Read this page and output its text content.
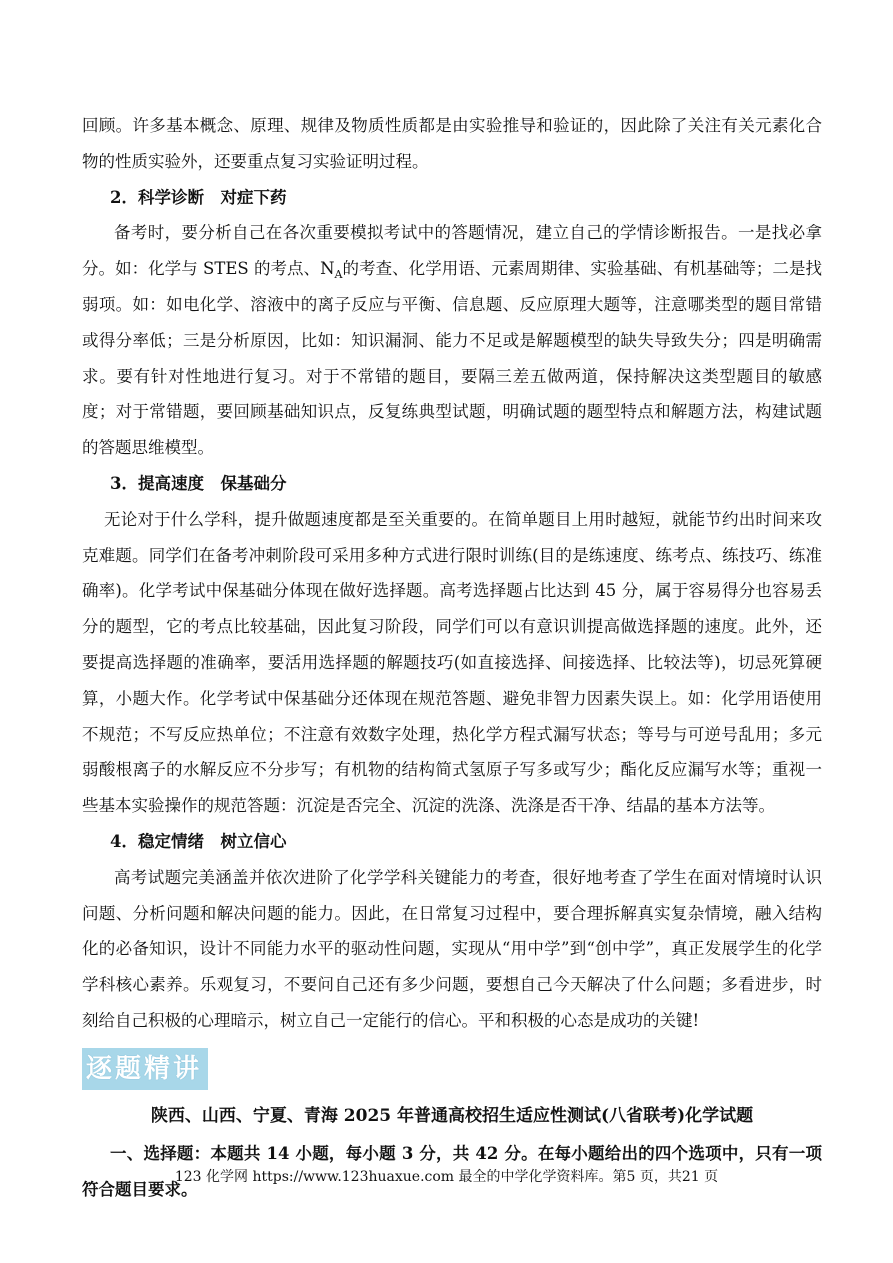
回顾。许多基本概念、原理、规律及物质性质都是由实验推导和验证的，因此除了关注有关元素化合物的性质实验外，还要重点复习实验证明过程。

2．科学诊断　对症下药

备考时，要分析自己在各次重要模拟考试中的答题情况，建立自己的学情诊断报告。一是找必拿分。如：化学与 STES 的考点、$N_A$的考查、化学用语、元素周期律、实验基础、有机基础等；二是找弱项。如：如电化学、溶液中的离子反应与平衡、信息题、反应原理大题等，注意哪类型的题目常错或得分率低；三是分析原因，比如：知识漏洞、能力不足或是解题模型的缺失导致失分；四是明确需求。要有针对性地进行复习。对于不常错的题目，要隔三差五做两道，保持解决这类型题目的敏感度；对于常错题，要回顾基础知识点，反复练典型试题，明确试题的题型特点和解题方法，构建试题的答题思维模型。

3．提高速度　保基础分

无论对于什么学科，提升做题速度都是至关重要的。在简单题目上用时越短，就能节约出时间来攻克难题。同学们在备考冲刺阶段可采用多种方式进行限时训练(目的是练速度、练考点、练技巧、练准确率)。化学考试中保基础分体现在做好选择题。高考选择题占比达到 45 分，属于容易得分也容易丢分的题型，它的考点比较基础，因此复习阶段，同学们可以有意识训提高做选择题的速度。此外，还要提高选择题的准确率，要活用选择题的解题技巧(如直接选择、间接选择、比较法等)，切忌死算硬算，小题大作。化学考试中保基础分还体现在规范答题、避免非智力因素失误上。如：化学用语使用不规范；不写反应热单位；不注意有效数字处理，热化学方程式漏写状态；等号与可逆号乱用；多元弱酸根离子的水解反应不分步写；有机物的结构简式氢原子写多或写少；酯化反应漏写水等；重视一些基本实验操作的规范答题：沉淀是否完全、沉淀的洗涤、洗涤是否干净、结晶的基本方法等。

4．稳定情绪　树立信心

高考试题完美涵盖并依次进阶了化学学科关键能力的考查，很好地考查了学生在面对情境时认识问题、分析问题和解决问题的能力。因此，在日常复习过程中，要合理拆解真实复杂情境，融入结构化的必备知识，设计不同能力水平的驱动性问题，实现从“用中学”到“创中学”，真正发展学生的化学学科核心素养。乐观复习，不要问自己还有多少问题，要想自己今天解决了什么问题；多看进步，时刻给自己积极的心理暗示，树立自己一定能行的信心。平和积极的心态是成功的关键!

逐题精讲

陕西、山西、宁夏、青海 2025 年普通高校招生适应性测试(八省联考)化学试题

一、选择题：本题共 14 小题，每小题 3 分，共 42 分。在每小题给出的四个选项中，只有一项符合题目要求。

123 化学网 https://www.123huaxue.com 最全的中学化学资料库。第5 页，共21 页
